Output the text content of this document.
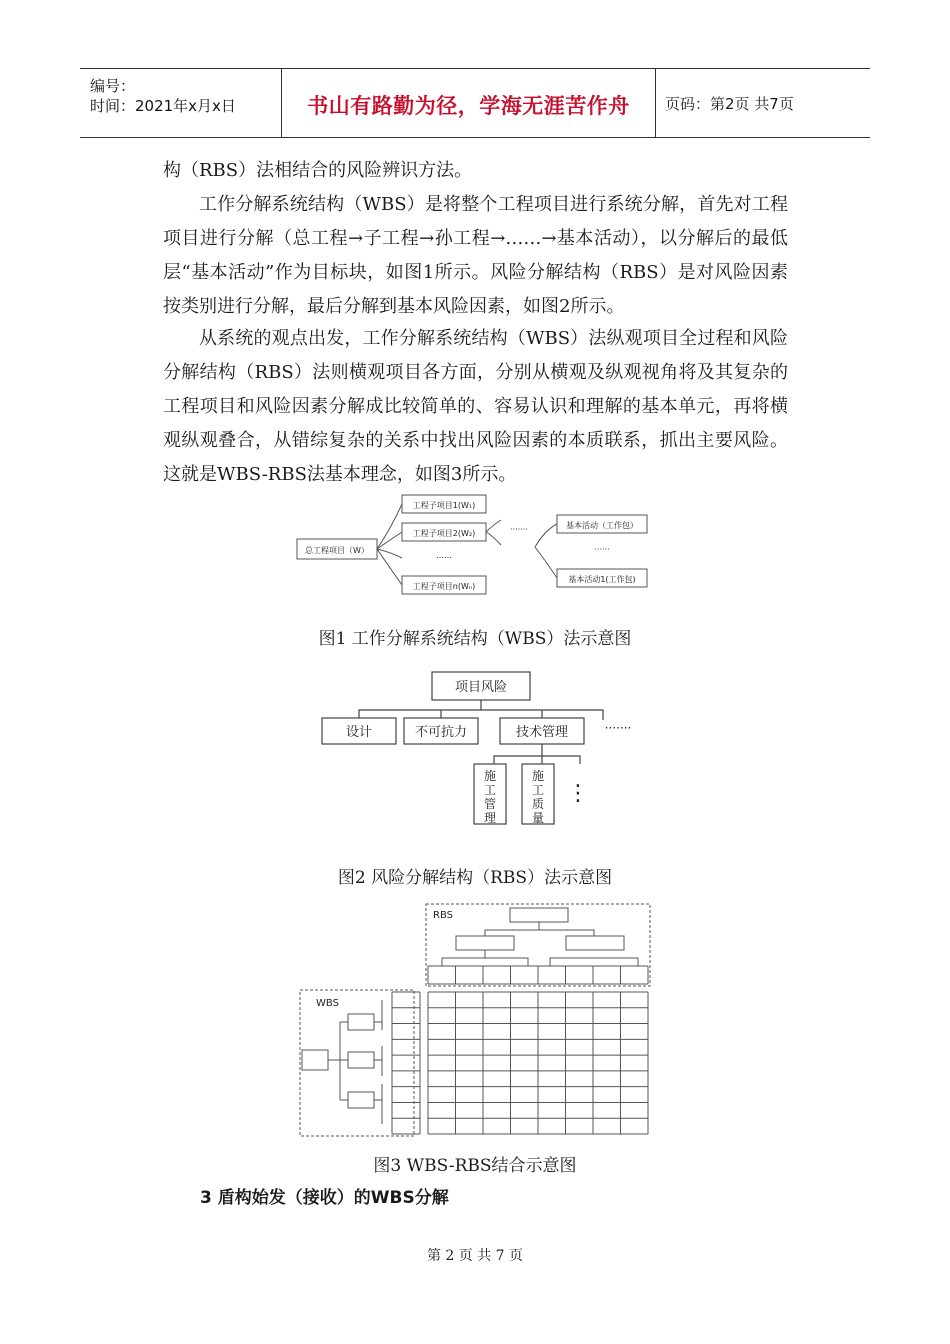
编号：
时间：2021年x月x日	书山有路勤为径，学海无涯苦作舟	页码：第2页 共7页

构（RBS）法相结合的风险辨识方法。

工作分解系统结构（WBS）是将整个工程项目进行系统分解，首先对工程项目进行分解（总工程→子工程→孙工程→……→基本活动），以分解后的最低层“基本活动”作为目标块，如图1所示。风险分解结构（RBS）是对风险因素按类别进行分解，最后分解到基本风险因素，如图2所示。

从系统的观点出发，工作分解系统结构（WBS）法纵观项目全过程和风险分解结构（RBS）法则横观项目各方面，分别从横观及纵观视角将及其复杂的工程项目和风险因素分解成比较简单的、容易认识和理解的基本单元，再将横观纵观叠合，从错综复杂的关系中找出风险因素的本质联系，抓出主要风险。这就是WBS-RBS法基本理念，如图3所示。

总工程项目（W）
工程子项目1(W₁)
工程子项目2(W₂)
……
工程子项目n(Wₙ)
·······	基本活动（工作包）
······
基本活动1(工作包)
图1 工作分解系统结构（WBS）法示意图
项目风险
设计	不可抗力	技术管理	·······
施
工
管
理
施
工
质
量
⋮
图2 风险分解结构（RBS）法示意图
RBS
WBS
图3 WBS-RBS结合示意图
3 盾构始发（接收）的WBS分解
第 2 页 共 7 页
